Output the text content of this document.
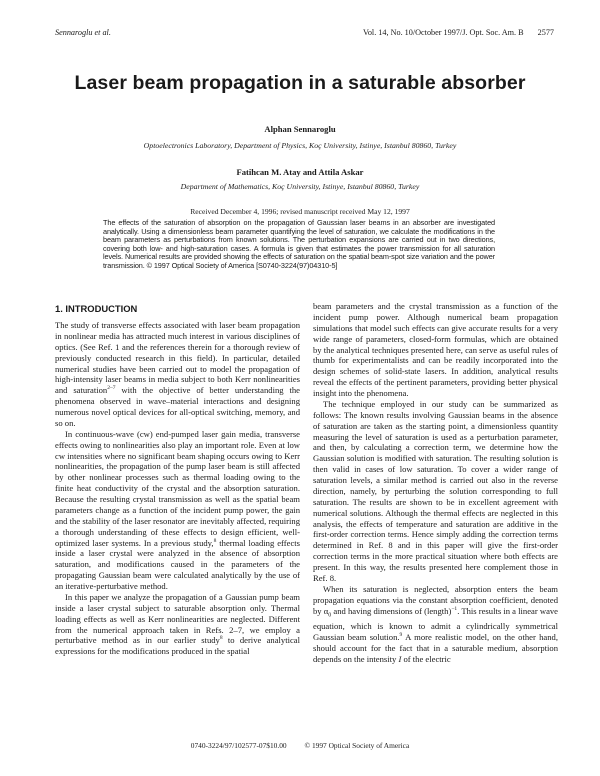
Sennaroglu et al.	Vol. 14, No. 10/October 1997/J. Opt. Soc. Am. B 2577
Laser beam propagation in a saturable absorber
Alphan Sennaroglu
Optoelectronics Laboratory, Department of Physics, Koç University, Istinye, Istanbul 80860, Turkey
Fatihcan M. Atay and Attila Askar
Department of Mathematics, Koç University, Istinye, Istanbul 80860, Turkey
Received December 4, 1996; revised manuscript received May 12, 1997
The effects of the saturation of absorption on the propagation of Gaussian laser beams in an absorber are investigated analytically. Using a dimensionless beam parameter quantifying the level of saturation, we calculate the modifications in the beam parameters as perturbations from known solutions. The perturbation expansions are carried out in two directions, covering both low- and high-saturation cases. A formula is given that estimates the power transmission for all saturation levels. Numerical results are provided showing the effects of saturation on the spatial beam-spot size variation and the power transmission. © 1997 Optical Society of America [S0740-3224(97)04310-5]
1. INTRODUCTION

The study of transverse effects associated with laser beam propagation in nonlinear media has attracted much interest in various disciplines of optics. (See Ref. 1 and the references therein for a thorough review of previously conducted research in this field). In particular, detailed numerical studies have been carried out to model the propagation of high-intensity laser beams in media subject to both Kerr nonlinearities and saturation$^{2-7}$ with the objective of better understanding the phenomena observed in wave–material interactions and designing numerous novel optical devices for all-optical switching, memory, and so on.

In continuous-wave (cw) end-pumped laser gain media, transverse effects owing to nonlinearities also play an important role. Even at low cw intensities where no significant beam shaping occurs owing to Kerr nonlinearities, the propagation of the pump laser beam is still affected by other nonlinear processes such as thermal loading owing to the finite heat conductivity of the crystal and the absorption saturation. Because the resulting crystal transmission as well as the spatial beam parameters change as a function of the incident pump power, the gain and the stability of the laser resonator are inevitably affected, requiring a thorough understanding of these effects to design efficient, well-optimized laser systems. In a previous study,$^8$ thermal loading effects inside a laser crystal were analyzed in the absence of absorption saturation, and modifications caused in the parameters of the propagating Gaussian beam were calculated analytically by the use of an iterative-perturbative method.

In this paper we analyze the propagation of a Gaussian pump beam inside a laser crystal subject to saturable absorption only. Thermal loading effects as well as Kerr nonlinearities are neglected. Different from the numerical approach taken in Refs. 2–7, we employ a perturbative method as in our earlier study$^8$ to derive analytical expressions for the modifications produced in the spatial

beam parameters and the crystal transmission as a function of the incident pump power. Although numerical beam propagation simulations that model such effects can give accurate results for a very wide range of parameters, closed-form formulas, which are obtained by the analytical techniques presented here, can serve as useful rules of thumb for experimentalists and can be readily incorporated into the design schemes of solid-state lasers. In addition, analytical results reveal the effects of the pertinent parameters, providing better physical insight into the phenomena.

The technique employed in our study can be summarized as follows: The known results involving Gaussian beams in the absence of saturation are taken as the starting point, a dimensionless quantity measuring the level of saturation is used as a perturbation parameter, and then, by calculating a correction term, we determine how the Gaussian solution is modified with saturation. The resulting solution is then valid in cases of low saturation. To cover a wider range of saturation levels, a similar method is carried out also in the reverse direction, namely, by perturbing the solution corresponding to full saturation. The results are shown to be in excellent agreement with numerical solutions. Although the thermal effects are neglected in this analysis, the effects of temperature and saturation are additive in the first-order correction terms. Hence simply adding the correction terms determined in Ref. 8 and in this paper will give the first-order correction terms in the more practical situation where both effects are present. In this way, the results presented here complement those in Ref. 8.

When its saturation is neglected, absorption enters the beam propagation equations via the constant absorption coefficient, denoted by $\alpha_0$ and having dimensions of (length)$^{-1}$. This results in a linear wave equation, which is known to admit a cylindrically symmetrical Gaussian beam solution.$^9$ A more realistic model, on the other hand, should account for the fact that in a saturable medium, absorption depends on the intensity I of the electric

0740-3224/97/102577-07$10.00 © 1997 Optical Society of America
